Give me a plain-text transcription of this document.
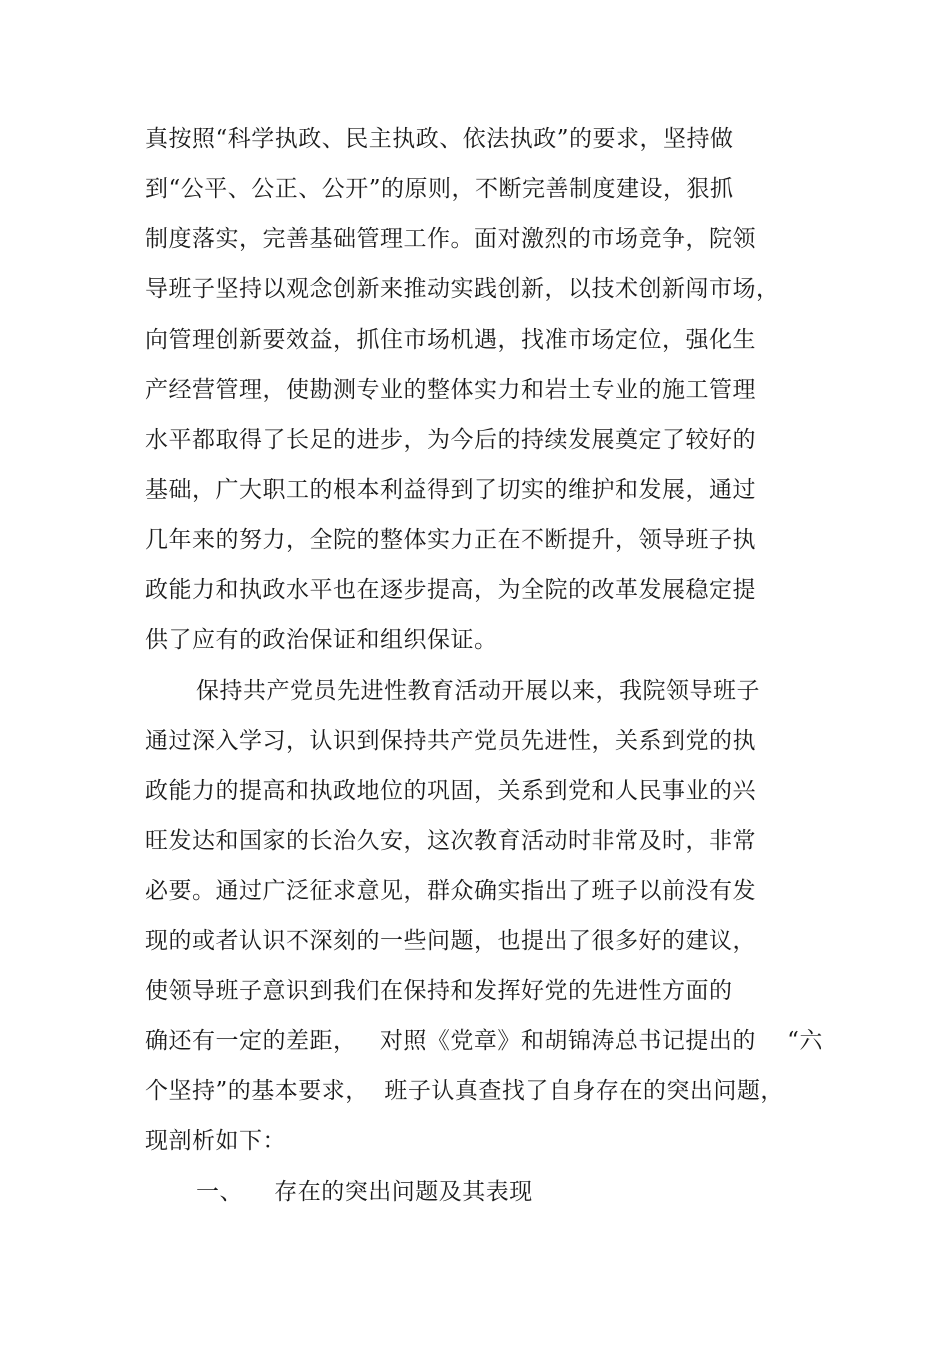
真按照“科学执政、民主执政、依法执政”的要求，坚持做
到“公平、公正、公开”的原则，不断完善制度建设，狠抓
制度落实，完善基础管理工作。面对激烈的市场竞争，院领
导班子坚持以观念创新来推动实践创新，以技术创新闯市场，
向管理创新要效益，抓住市场机遇，找准市场定位，强化生
产经营管理，使勘测专业的整体实力和岩土专业的施工管理
水平都取得了长足的进步，为今后的持续发展奠定了较好的
基础，广大职工的根本利益得到了切实的维护和发展，通过
几年来的努力，全院的整体实力正在不断提升，领导班子执
政能力和执政水平也在逐步提高，为全院的改革发展稳定提
供了应有的政治保证和组织保证。
保持共产党员先进性教育活动开展以来，我院领导班子
通过深入学习，认识到保持共产党员先进性，关系到党的执
政能力的提高和执政地位的巩固，关系到党和人民事业的兴
旺发达和国家的长治久安，这次教育活动时非常及时，非常
必要。通过广泛征求意见，群众确实指出了班子以前没有发
现的或者认识不深刻的一些问题，也提出了很多好的建议，
使领导班子意识到我们在保持和发挥好党的先进性方面的
确还有一定的差距，   对照《党章》和胡锦涛总书记提出的    “六
个坚持”的基本要求，  班子认真查找了自身存在的突出问题，
现剖析如下：
一、    存在的突出问题及其表现
